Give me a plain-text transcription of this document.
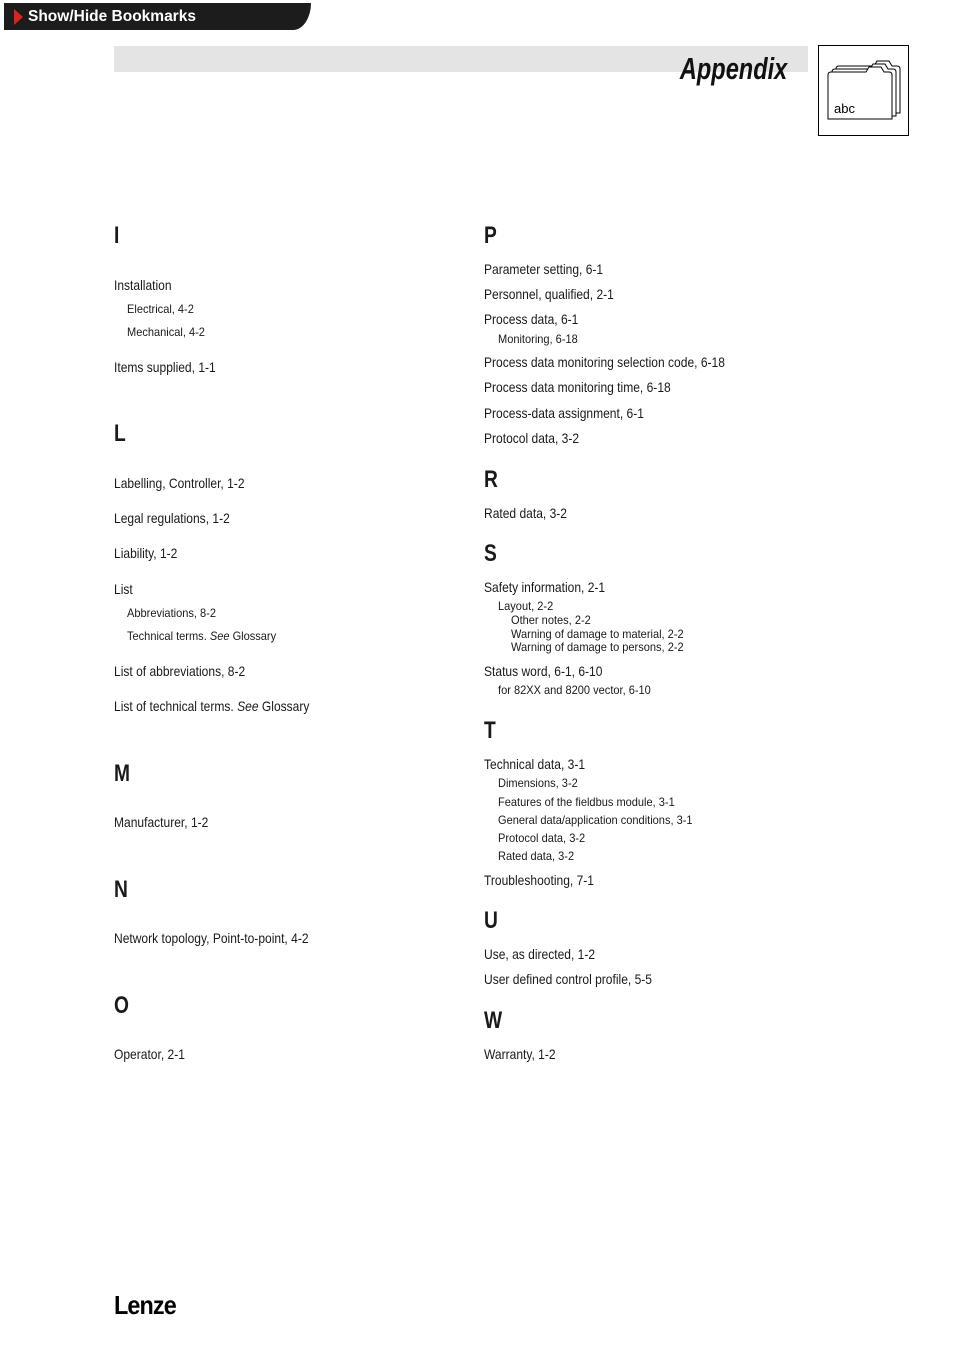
Show/Hide Bookmarks
Appendix
abc
I
Installation
Electrical, 4-2
Mechanical, 4-2
Items supplied, 1-1
L
Labelling, Controller, 1-2
Legal regulations, 1-2
Liability, 1-2
List
Abbreviations, 8-2
Technical terms. See Glossary
List of abbreviations, 8-2
List of technical terms. See Glossary
M
Manufacturer, 1-2
N
Network topology, Point-to-point, 4-2
O
Operator, 2-1
P
Parameter setting, 6-1
Personnel, qualified, 2-1
Process data, 6-1
Monitoring, 6-18
Process data monitoring selection code, 6-18
Process data monitoring time, 6-18
Process-data assignment, 6-1
Protocol data, 3-2
R
Rated data, 3-2
S
Safety information, 2-1
Layout, 2-2
Other notes, 2-2
Warning of damage to material, 2-2
Warning of damage to persons, 2-2
Status word, 6-1, 6-10
for 82XX and 8200 vector, 6-10
T
Technical data, 3-1
Dimensions, 3-2
Features of the fieldbus module, 3-1
General data/application conditions, 3-1
Protocol data, 3-2
Rated data, 3-2
Troubleshooting, 7-1
U
Use, as directed, 1-2
User defined control profile, 5-5
W
Warranty, 1-2
Lenze
